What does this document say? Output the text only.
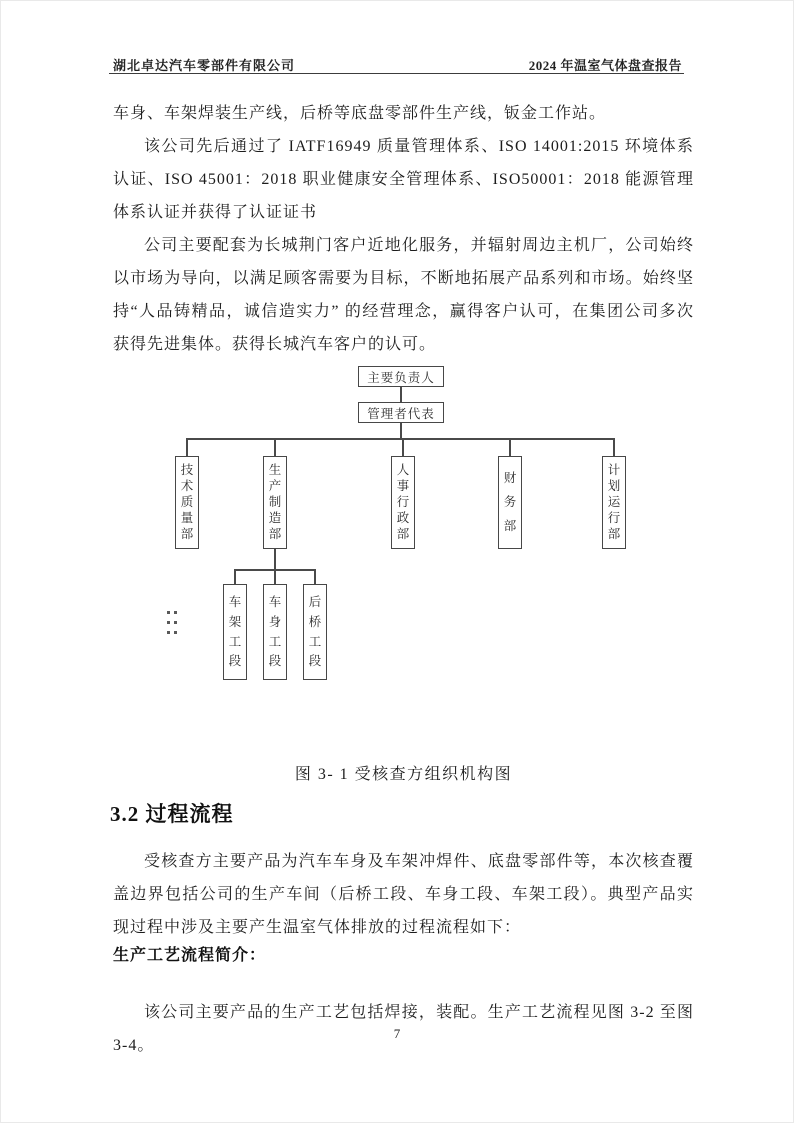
湖北卓达汽车零部件有限公司	2024 年温室气体盘查报告

车身、车架焊装生产线，后桥等底盘零部件生产线，钣金工作站。

该公司先后通过了 IATF16949 质量管理体系、ISO 14001:2015 环境体系认证、ISO 45001：2018 职业健康安全管理体系、ISO50001：2018 能源管理体系认证并获得了认证证书

公司主要配套为长城荆门客户近地化服务，并辐射周边主机厂，公司始终以市场为导向，以满足顾客需要为目标，不断地拓展产品系列和市场。始终坚持“人品铸精品，诚信造实力” 的经营理念，赢得客户认可，在集团公司多次获得先进集体。获得长城汽车客户的认可。

主要负责人
管理者代表
技
术
质
量
部
生
产
制
造
部
人
事
行
政
部
财
务
部
计
划
运
行
部
车
架
工
段
车
身
工
段
后
桥
工
段
图 3- 1 受核查方组织机构图
3.2 过程流程

受核查方主要产品为汽车车身及车架冲焊件、底盘零部件等，本次核查覆盖边界包括公司的生产车间（后桥工段、车身工段、车架工段）。典型产品实现过程中涉及主要产生温室气体排放的过程流程如下：

生产工艺流程简介：

该公司主要产品的生产工艺包括焊接，装配。生产工艺流程见图 3-2 至图 3-4。

7
